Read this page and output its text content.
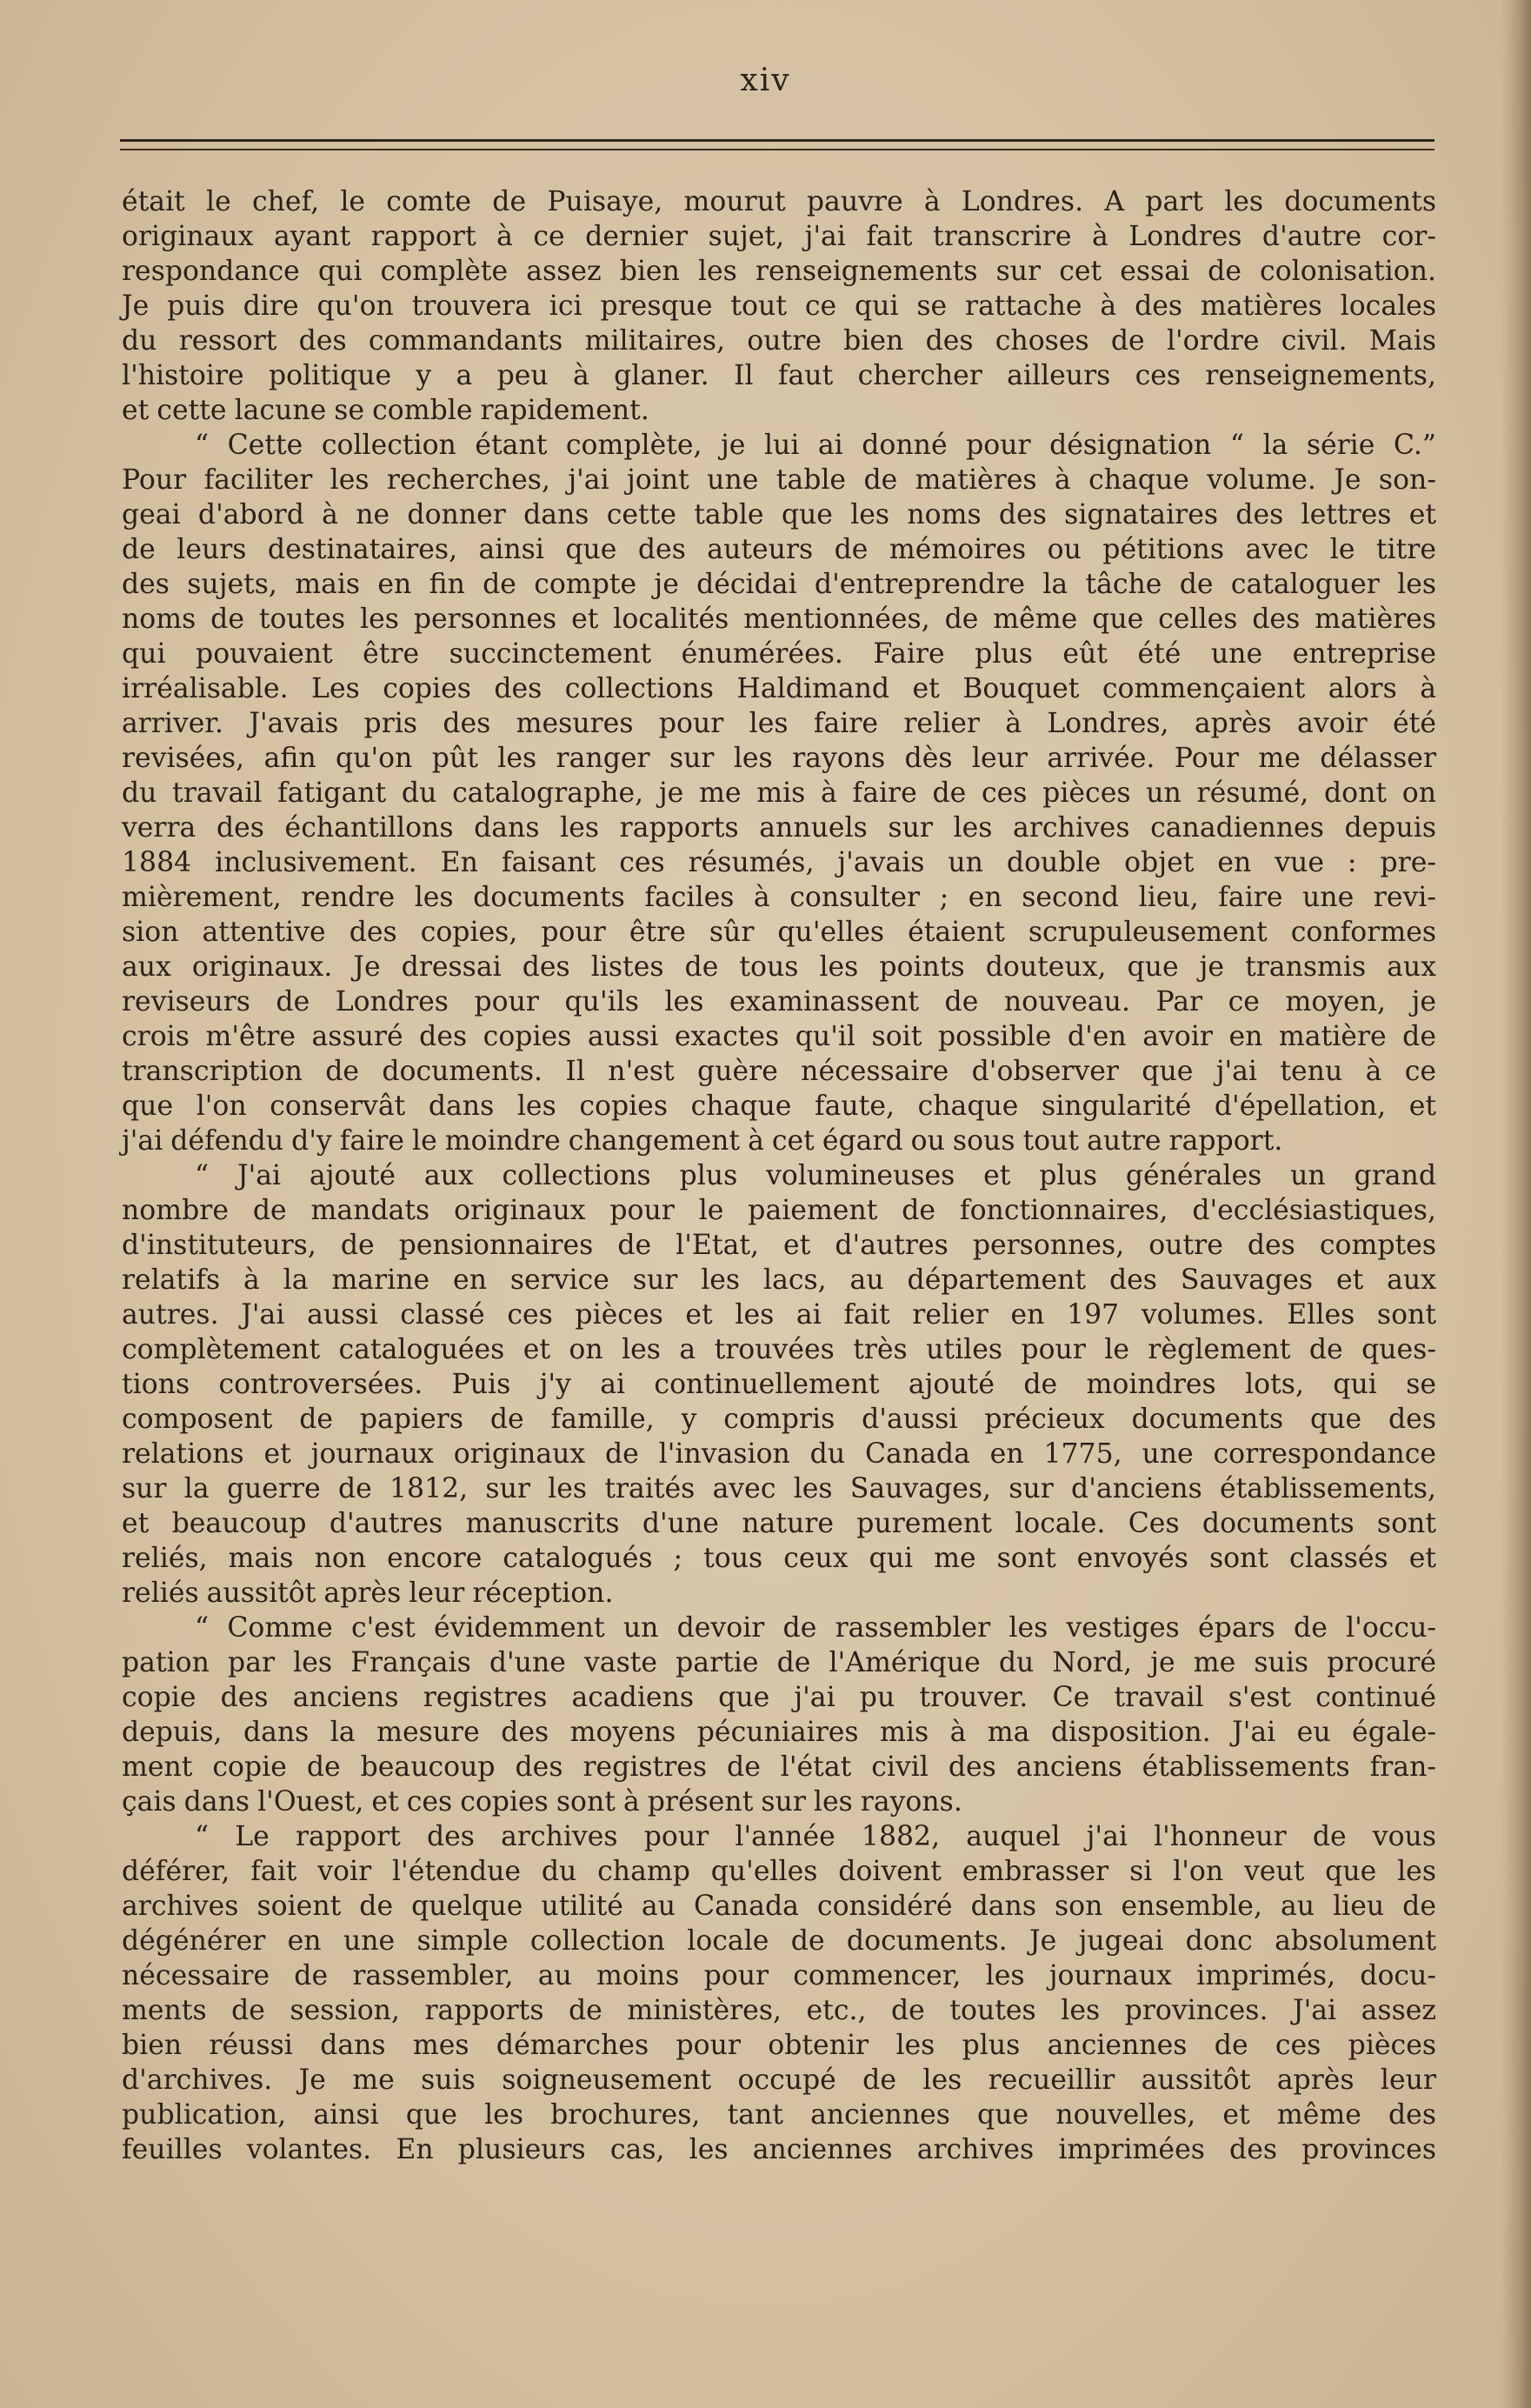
xiv

était le chef, le comte de Puisaye, mourut pauvre à Londres. A part les documents

originaux ayant rapport à ce dernier sujet, j'ai fait transcrire à Londres d'autre cor-

respondance qui complète assez bien les renseignements sur cet essai de colonisation.

Je puis dire qu'on trouvera ici presque tout ce qui se rattache à des matières locales

du ressort des commandants militaires, outre bien des choses de l'ordre civil. Mais

l'histoire politique y a peu à glaner. Il faut chercher ailleurs ces renseignements,

et cette lacune se comble rapidement.

“ Cette collection étant complète, je lui ai donné pour désignation “ la série C.”

Pour faciliter les recherches, j'ai joint une table de matières à chaque volume. Je son-

geai d'abord à ne donner dans cette table que les noms des signataires des lettres et

de leurs destinataires, ainsi que des auteurs de mémoires ou pétitions avec le titre

des sujets, mais en fin de compte je décidai d'entreprendre la tâche de cataloguer les

noms de toutes les personnes et localités mentionnées, de même que celles des matières

qui pouvaient être succinctement énumérées. Faire plus eût été une entreprise

irréalisable. Les copies des collections Haldimand et Bouquet commençaient alors à

arriver. J'avais pris des mesures pour les faire relier à Londres, après avoir été

revisées, afin qu'on pût les ranger sur les rayons dès leur arrivée. Pour me délasser

du travail fatigant du catalographe, je me mis à faire de ces pièces un résumé, dont on

verra des échantillons dans les rapports annuels sur les archives canadiennes depuis

1884 inclusivement. En faisant ces résumés, j'avais un double objet en vue : pre-

mièrement, rendre les documents faciles à consulter ; en second lieu, faire une revi-

sion attentive des copies, pour être sûr qu'elles étaient scrupuleusement conformes

aux originaux. Je dressai des listes de tous les points douteux, que je transmis aux

reviseurs de Londres pour qu'ils les examinassent de nouveau. Par ce moyen, je

crois m'être assuré des copies aussi exactes qu'il soit possible d'en avoir en matière de

transcription de documents. Il n'est guère nécessaire d'observer que j'ai tenu à ce

que l'on conservât dans les copies chaque faute, chaque singularité d'épellation, et

j'ai défendu d'y faire le moindre changement à cet égard ou sous tout autre rapport.

“ J'ai ajouté aux collections plus volumineuses et plus générales un grand

nombre de mandats originaux pour le paiement de fonctionnaires, d'ecclésiastiques,

d'instituteurs, de pensionnaires de l'Etat, et d'autres personnes, outre des comptes

relatifs à la marine en service sur les lacs, au département des Sauvages et aux

autres. J'ai aussi classé ces pièces et les ai fait relier en 197 volumes. Elles sont

complètement cataloguées et on les a trouvées très utiles pour le règlement de ques-

tions controversées. Puis j'y ai continuellement ajouté de moindres lots, qui se

composent de papiers de famille, y compris d'aussi précieux documents que des

relations et journaux originaux de l'invasion du Canada en 1775, une correspondance

sur la guerre de 1812, sur les traités avec les Sauvages, sur d'anciens établissements,

et beaucoup d'autres manuscrits d'une nature purement locale. Ces documents sont

reliés, mais non encore catalogués ; tous ceux qui me sont envoyés sont classés et

reliés aussitôt après leur réception.

“ Comme c'est évidemment un devoir de rassembler les vestiges épars de l'occu-

pation par les Français d'une vaste partie de l'Amérique du Nord, je me suis procuré

copie des anciens registres acadiens que j'ai pu trouver. Ce travail s'est continué

depuis, dans la mesure des moyens pécuniaires mis à ma disposition. J'ai eu égale-

ment copie de beaucoup des registres de l'état civil des anciens établissements fran-

çais dans l'Ouest, et ces copies sont à présent sur les rayons.

“ Le rapport des archives pour l'année 1882, auquel j'ai l'honneur de vous

déférer, fait voir l'étendue du champ qu'elles doivent embrasser si l'on veut que les

archives soient de quelque utilité au Canada considéré dans son ensemble, au lieu de

dégénérer en une simple collection locale de documents. Je jugeai donc absolument

nécessaire de rassembler, au moins pour commencer, les journaux imprimés, docu-

ments de session, rapports de ministères, etc., de toutes les provinces. J'ai assez

bien réussi dans mes démarches pour obtenir les plus anciennes de ces pièces

d'archives. Je me suis soigneusement occupé de les recueillir aussitôt après leur

publication, ainsi que les brochures, tant anciennes que nouvelles, et même des

feuilles volantes. En plusieurs cas, les anciennes archives imprimées des provinces
